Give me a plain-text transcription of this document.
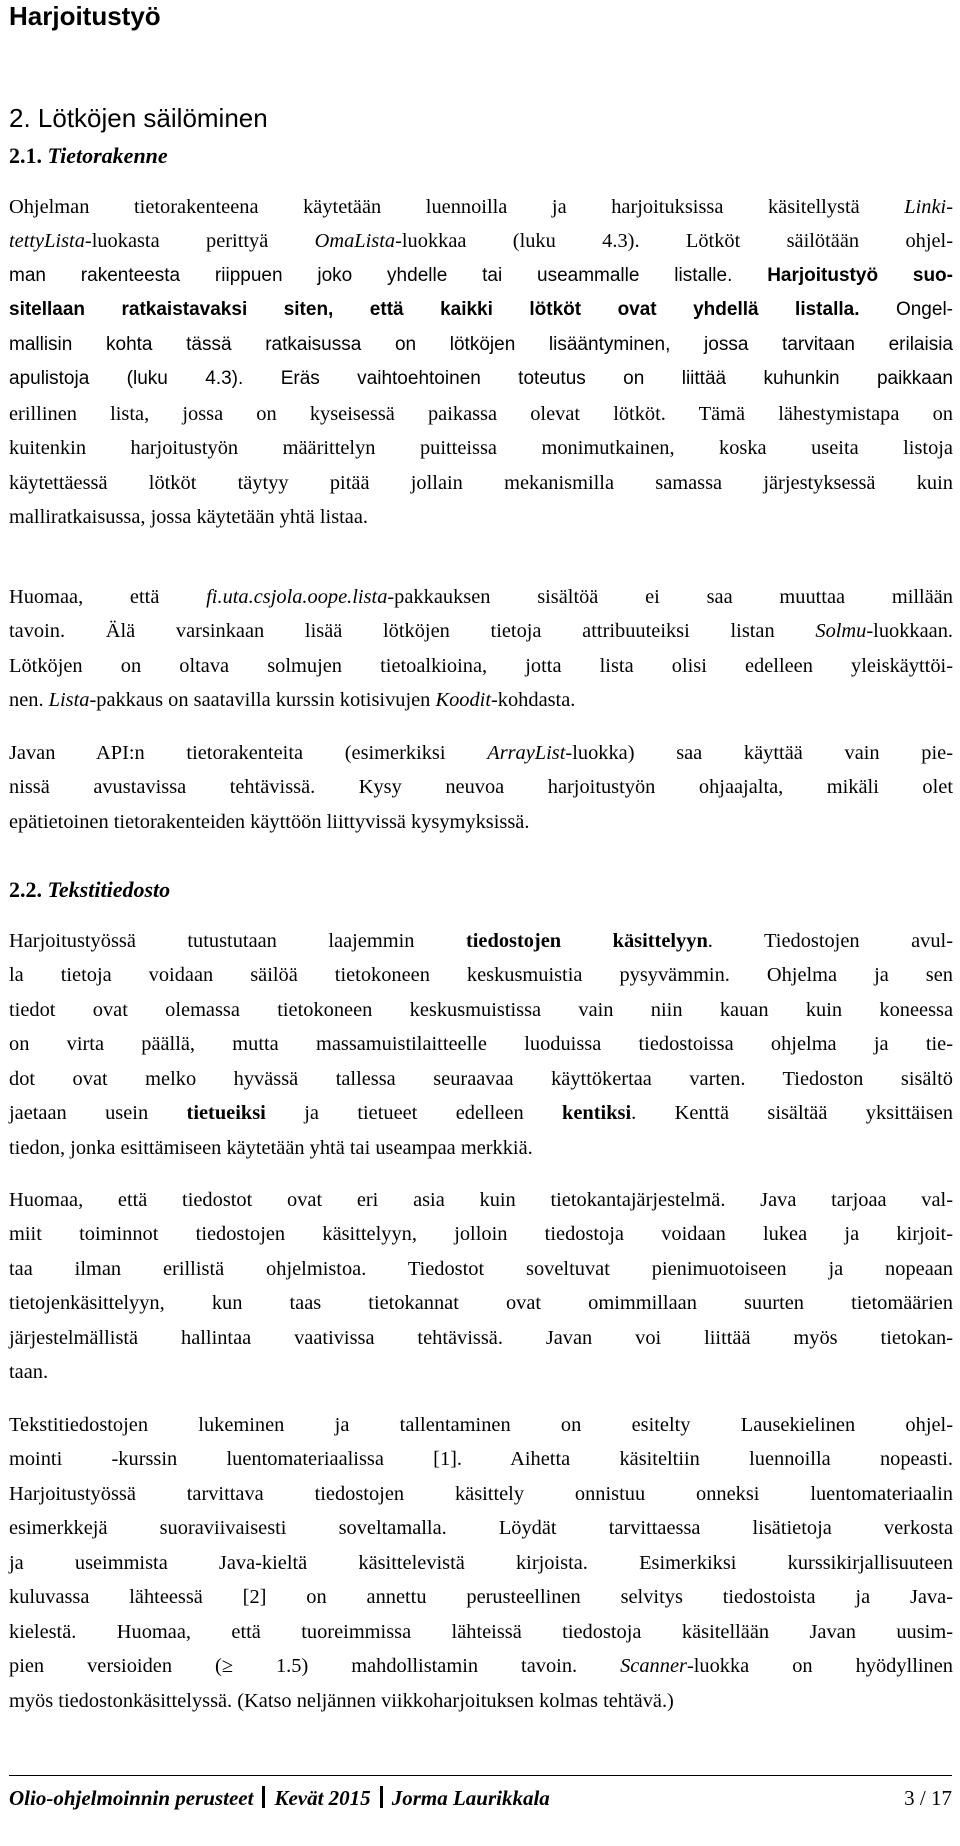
Harjoitustyö
2. Lötköjen säilöminen
2.1. Tietorakenne
Ohjelman tietorakenteena käytetään luennoilla ja harjoituksissa käsitellystä Linki-
tettyLista-luokasta perittyä OmaLista-luokkaa (luku 4.3). Lötköt säilötään ohjel-
man rakenteesta riippuen joko yhdelle tai useammalle listalle. Harjoitustyö suo-
sitellaan ratkaistavaksi siten, että kaikki lötköt ovat yhdellä listalla. Ongel-
mallisin kohta tässä ratkaisussa on lötköjen lisääntyminen, jossa tarvitaan erilaisia
apulistoja (luku 4.3). Eräs vaihtoehtoinen toteutus on liittää kuhunkin paikkaan
erillinen lista, jossa on kyseisessä paikassa olevat lötköt. Tämä lähestymistapa on
kuitenkin harjoitustyön määrittelyn puitteissa monimutkainen, koska useita listoja
käytettäessä lötköt täytyy pitää jollain mekanismilla samassa järjestyksessä kuin
malliratkaisussa, jossa käytetään yhtä listaa.
Huomaa, että fi.uta.csjola.oope.lista-pakkauksen sisältöä ei saa muuttaa millään
tavoin. Älä varsinkaan lisää lötköjen tietoja attribuuteiksi listan Solmu-luokkaan.
Lötköjen on oltava solmujen tietoalkioina, jotta lista olisi edelleen yleiskäyttöi-
nen. Lista-pakkaus on saatavilla kurssin kotisivujen Koodit-kohdasta.
Javan API:n tietorakenteita (esimerkiksi ArrayList-luokka) saa käyttää vain pie-
nissä avustavissa tehtävissä. Kysy neuvoa harjoitustyön ohjaajalta, mikäli olet
epätietoinen tietorakenteiden käyttöön liittyvissä kysymyksissä.
2.2. Tekstitiedosto
Harjoitustyössä tutustutaan laajemmin tiedostojen käsittelyyn. Tiedostojen avul-
la tietoja voidaan säilöä tietokoneen keskusmuistia pysyvämmin. Ohjelma ja sen
tiedot ovat olemassa tietokoneen keskusmuistissa vain niin kauan kuin koneessa
on virta päällä, mutta massamuistilaitteelle luoduissa tiedostoissa ohjelma ja tie-
dot ovat melko hyvässä tallessa seuraavaa käyttökertaa varten. Tiedoston sisältö
jaetaan usein tietueiksi ja tietueet edelleen kentiksi. Kenttä sisältää yksittäisen
tiedon, jonka esittämiseen käytetään yhtä tai useampaa merkkiä.
Huomaa, että tiedostot ovat eri asia kuin tietokantajärjestelmä. Java tarjoaa val-
miit toiminnot tiedostojen käsittelyyn, jolloin tiedostoja voidaan lukea ja kirjoit-
taa ilman erillistä ohjelmistoa. Tiedostot soveltuvat pienimuotoiseen ja nopeaan
tietojenkäsittelyyn, kun taas tietokannat ovat omimmillaan suurten tietomäärien
järjestelmällistä hallintaa vaativissa tehtävissä. Javan voi liittää myös tietokan-
taan.
Tekstitiedostojen lukeminen ja tallentaminen on esitelty Lausekielinen ohjel-
mointi -kurssin luentomateriaalissa [1]. Aihetta käsiteltiin luennoilla nopeasti.
Harjoitustyössä tarvittava tiedostojen käsittely onnistuu onneksi luentomateriaalin
esimerkkejä suoraviivaisesti soveltamalla. Löydät tarvittaessa lisätietoja verkosta
ja useimmista Java-kieltä käsittelevistä kirjoista. Esimerkiksi kurssikirjallisuuteen
kuluvassa lähteessä [2] on annettu perusteellinen selvitys tiedostoista ja Java-
kielestä. Huomaa, että tuoreimmissa lähteissä tiedostoja käsitellään Javan uusim-
pien versioiden (≥ 1.5) mahdollistamin tavoin. Scanner-luokka on hyödyllinen
myös tiedostonkäsittelyssä. (Katso neljännen viikkoharjoituksen kolmas tehtävä.)
Olio-ohjelmoinnin perusteet Kevät 2015 Jorma Laurikkala	3 / 17
